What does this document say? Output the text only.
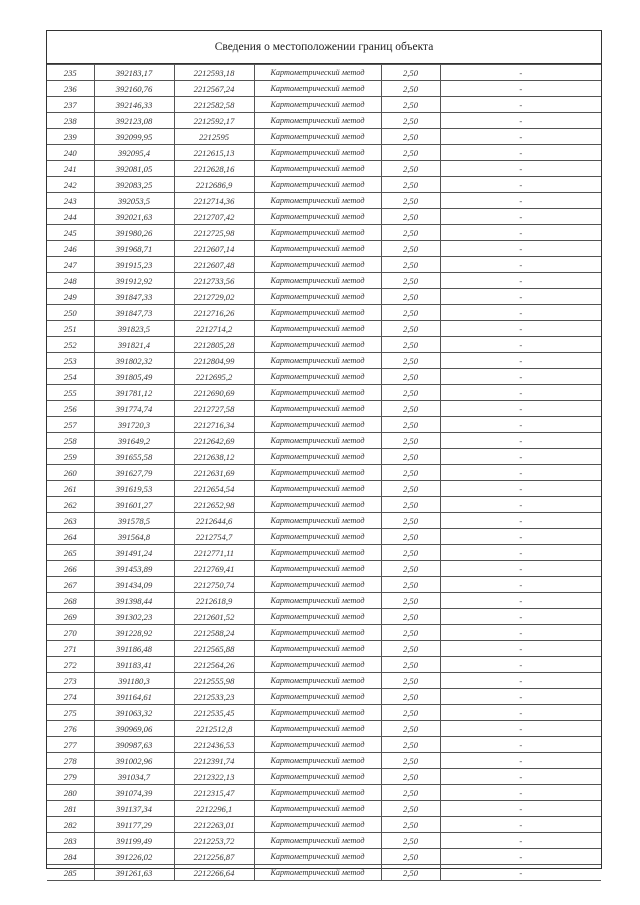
Сведения о местоположении границ объекта
235	392183,17	2212593,18	Картометрический метод	2,50	-
236	392160,76	2212567,24	Картометрический метод	2,50	-
237	392146,33	2212582,58	Картометрический метод	2,50	-
238	392123,08	2212592,17	Картометрический метод	2,50	-
239	392099,95	2212595	Картометрический метод	2,50	-
240	392095,4	2212615,13	Картометрический метод	2,50	-
241	392081,05	2212628,16	Картометрический метод	2,50	-
242	392083,25	2212686,9	Картометрический метод	2,50	-
243	392053,5	2212714,36	Картометрический метод	2,50	-
244	392021,63	2212707,42	Картометрический метод	2,50	-
245	391980,26	2212725,98	Картометрический метод	2,50	-
246	391968,71	2212607,14	Картометрический метод	2,50	-
247	391915,23	2212607,48	Картометрический метод	2,50	-
248	391912,92	2212733,56	Картометрический метод	2,50	-
249	391847,33	2212729,02	Картометрический метод	2,50	-
250	391847,73	2212716,26	Картометрический метод	2,50	-
251	391823,5	2212714,2	Картометрический метод	2,50	-
252	391821,4	2212805,28	Картометрический метод	2,50	-
253	391802,32	2212804,99	Картометрический метод	2,50	-
254	391805,49	2212695,2	Картометрический метод	2,50	-
255	391781,12	2212690,69	Картометрический метод	2,50	-
256	391774,74	2212727,58	Картометрический метод	2,50	-
257	391720,3	2212716,34	Картометрический метод	2,50	-
258	391649,2	2212642,69	Картометрический метод	2,50	-
259	391655,58	2212638,12	Картометрический метод	2,50	-
260	391627,79	2212631,69	Картометрический метод	2,50	-
261	391619,53	2212654,54	Картометрический метод	2,50	-
262	391601,27	2212652,98	Картометрический метод	2,50	-
263	391578,5	2212644,6	Картометрический метод	2,50	-
264	391564,8	2212754,7	Картометрический метод	2,50	-
265	391491,24	2212771,11	Картометрический метод	2,50	-
266	391453,89	2212769,41	Картометрический метод	2,50	-
267	391434,09	2212750,74	Картометрический метод	2,50	-
268	391398,44	2212618,9	Картометрический метод	2,50	-
269	391302,23	2212601,52	Картометрический метод	2,50	-
270	391228,92	2212588,24	Картометрический метод	2,50	-
271	391186,48	2212565,88	Картометрический метод	2,50	-
272	391183,41	2212564,26	Картометрический метод	2,50	-
273	391180,3	2212555,98	Картометрический метод	2,50	-
274	391164,61	2212533,23	Картометрический метод	2,50	-
275	391063,32	2212535,45	Картометрический метод	2,50	-
276	390969,06	2212512,8	Картометрический метод	2,50	-
277	390987,63	2212436,53	Картометрический метод	2,50	-
278	391002,96	2212391,74	Картометрический метод	2,50	-
279	391034,7	2212322,13	Картометрический метод	2,50	-
280	391074,39	2212315,47	Картометрический метод	2,50	-
281	391137,34	2212296,1	Картометрический метод	2,50	-
282	391177,29	2212263,01	Картометрический метод	2,50	-
283	391199,49	2212253,72	Картометрический метод	2,50	-
284	391226,02	2212256,87	Картометрический метод	2,50	-
285	391261,63	2212266,64	Картометрический метод	2,50	-
